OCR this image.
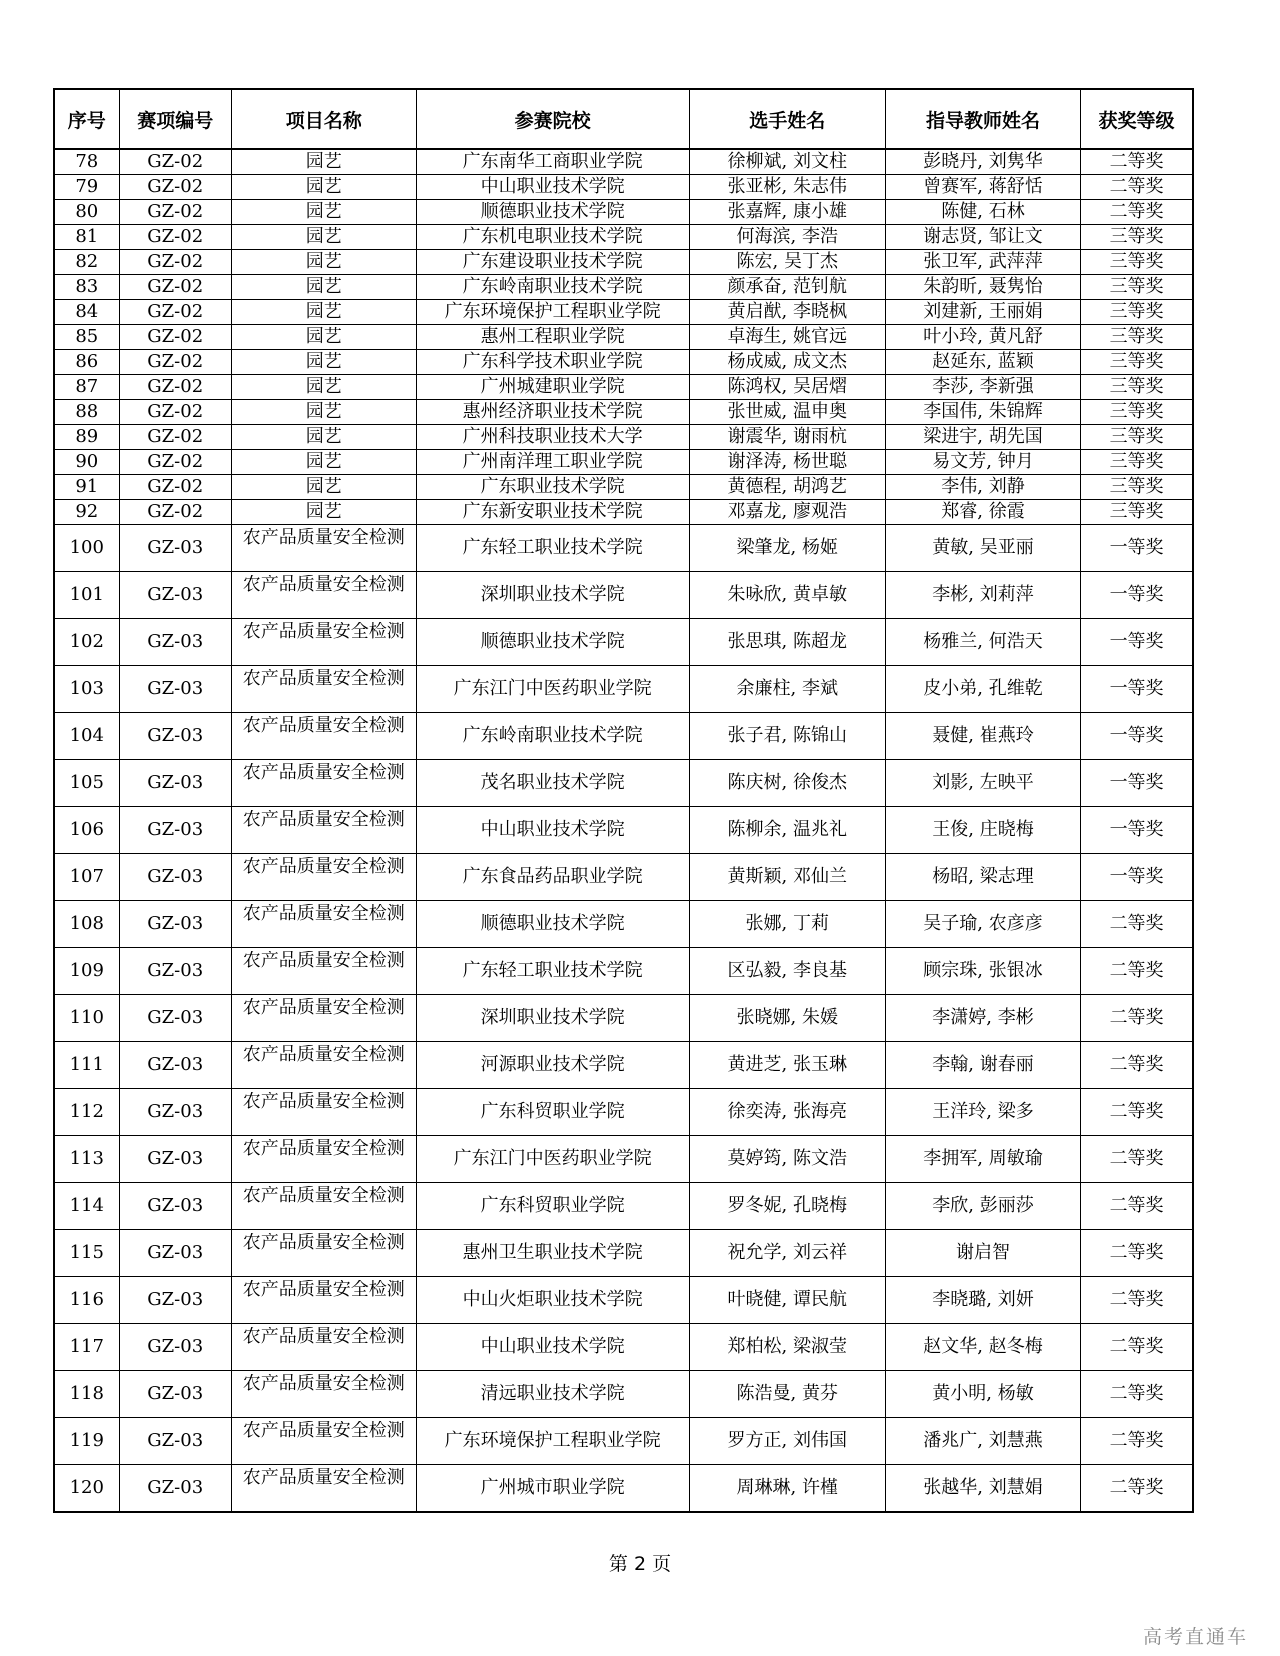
序号	赛项编号	项目名称	参赛院校	选手姓名	指导教师姓名	获奖等级
78	GZ-02	园艺	广东南华工商职业学院	徐柳斌, 刘文柱	彭晓丹, 刘隽华	二等奖
79	GZ-02	园艺	中山职业技术学院	张亚彬, 朱志伟	曾赛军, 蒋舒恬	二等奖
80	GZ-02	园艺	顺德职业技术学院	张嘉辉, 康小雄	陈健, 石林	二等奖
81	GZ-02	园艺	广东机电职业技术学院	何海滨, 李浩	谢志贤, 邹让文	三等奖
82	GZ-02	园艺	广东建设职业技术学院	陈宏, 吴丁杰	张卫军, 武萍萍	三等奖
83	GZ-02	园艺	广东岭南职业技术学院	颜承奋, 范钊航	朱韵昕, 聂隽怡	三等奖
84	GZ-02	园艺	广东环境保护工程职业学院	黄启猷, 李晓枫	刘建新, 王丽娟	三等奖
85	GZ-02	园艺	惠州工程职业学院	卓海生, 姚官远	叶小玲, 黄凡舒	三等奖
86	GZ-02	园艺	广东科学技术职业学院	杨成威, 成文杰	赵延东, 蓝颖	三等奖
87	GZ-02	园艺	广州城建职业学院	陈鸿权, 吴居熠	李莎, 李新强	三等奖
88	GZ-02	园艺	惠州经济职业技术学院	张世威, 温申奥	李国伟, 朱锦辉	三等奖
89	GZ-02	园艺	广州科技职业技术大学	谢震华, 谢雨杭	梁进宇, 胡先国	三等奖
90	GZ-02	园艺	广州南洋理工职业学院	谢泽涛, 杨世聪	易文芳, 钟月	三等奖
91	GZ-02	园艺	广东职业技术学院	黄德程, 胡鸿艺	李伟, 刘静	三等奖
92	GZ-02	园艺	广东新安职业技术学院	邓嘉龙, 廖观浩	郑睿, 徐霞	三等奖
100	GZ-03	农产品质量安全检测	广东轻工职业技术学院	梁肇龙, 杨姬	黄敏, 吴亚丽	一等奖
101	GZ-03	农产品质量安全检测	深圳职业技术学院	朱咏欣, 黄卓敏	李彬, 刘莉萍	一等奖
102	GZ-03	农产品质量安全检测	顺德职业技术学院	张思琪, 陈超龙	杨雅兰, 何浩天	一等奖
103	GZ-03	农产品质量安全检测	广东江门中医药职业学院	余廉柱, 李斌	皮小弟, 孔维乾	一等奖
104	GZ-03	农产品质量安全检测	广东岭南职业技术学院	张子君, 陈锦山	聂健, 崔燕玲	一等奖
105	GZ-03	农产品质量安全检测	茂名职业技术学院	陈庆树, 徐俊杰	刘影, 左映平	一等奖
106	GZ-03	农产品质量安全检测	中山职业技术学院	陈柳余, 温兆礼	王俊, 庄晓梅	一等奖
107	GZ-03	农产品质量安全检测	广东食品药品职业学院	黄斯颖, 邓仙兰	杨昭, 梁志理	一等奖
108	GZ-03	农产品质量安全检测	顺德职业技术学院	张娜, 丁莉	吴子瑜, 农彦彦	二等奖
109	GZ-03	农产品质量安全检测	广东轻工职业技术学院	区弘毅, 李良基	顾宗珠, 张银冰	二等奖
110	GZ-03	农产品质量安全检测	深圳职业技术学院	张晓娜, 朱媛	李潇婷, 李彬	二等奖
111	GZ-03	农产品质量安全检测	河源职业技术学院	黄进芝, 张玉琳	李翰, 谢春丽	二等奖
112	GZ-03	农产品质量安全检测	广东科贸职业学院	徐奕涛, 张海亮	王洋玲, 梁多	二等奖
113	GZ-03	农产品质量安全检测	广东江门中医药职业学院	莫婷筠, 陈文浩	李拥军, 周敏瑜	二等奖
114	GZ-03	农产品质量安全检测	广东科贸职业学院	罗冬妮, 孔晓梅	李欣, 彭丽莎	二等奖
115	GZ-03	农产品质量安全检测	惠州卫生职业技术学院	祝允学, 刘云祥	谢启智	二等奖
116	GZ-03	农产品质量安全检测	中山火炬职业技术学院	叶晓健, 谭民航	李晓璐, 刘妍	二等奖
117	GZ-03	农产品质量安全检测	中山职业技术学院	郑柏松, 梁淑莹	赵文华, 赵冬梅	二等奖
118	GZ-03	农产品质量安全检测	清远职业技术学院	陈浩曼, 黄芬	黄小明, 杨敏	二等奖
119	GZ-03	农产品质量安全检测	广东环境保护工程职业学院	罗方正, 刘伟国	潘兆广, 刘慧燕	二等奖
120	GZ-03	农产品质量安全检测	广州城市职业学院	周琳琳, 许槿	张越华, 刘慧娟	二等奖
第 2 页
高考直通车
